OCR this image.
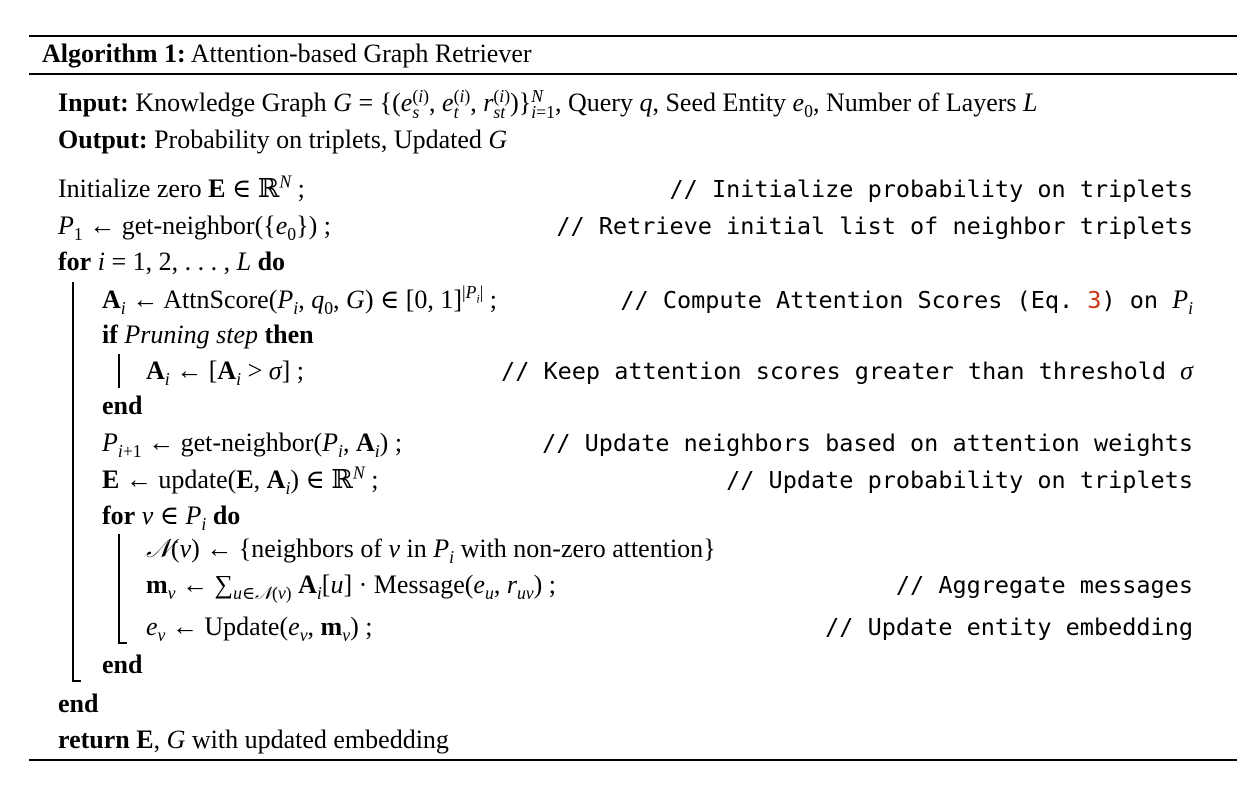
Algorithm 1: Attention-based Graph Retriever
Input: Knowledge Graph G = {(e (i)
s , e (i)
t , r (i)
st )} N
i=1 , Query q, Seed Entity $e_0$, Number of Layers L
Output: Probability on triplets, Updated G
Initialize zero E ∈ ℝ$^N$ ;	// Initialize probability on triplets
$P_1$ ← get-$neighbor(\{e_0\})$ ;	// Retrieve initial list of neighbor triplets
for i = 1, 2, . . . , L do
$A_i$ ← $AttnScore(P_i$, $q_0$, G) ∈ [0, 1]$^{|P_i|}$ ;	// Compute Attention Scores (Eq. 3) on $P_i$
if Pruning step then
$A_i$ ← $[A_i > \sigma]$ ;	// Keep attention scores greater than threshold σ
end
$P_{i+1}$ ← get-$neighbor(P_i$, $A_i$) ;	// Update neighbors based on attention weights
E ← update(E, $A_i$) ∈ ℝ$^N$ ;	// Update probability on triplets
for v ∈ $P_i$ do
𝒩(v) ← {neighbors of v in $P_i$ with non-zero attention}
$m_v$ ← $\sum_{u\in 𝒩(v)}$ $A_i[u]$ · $Message(e_u$, $r_{uv}$) ;	// Aggregate messages
$e_v$ ← $Update(e_v$, $m_v$) ;	// Update entity embedding
end
end
return E, G with updated embedding
